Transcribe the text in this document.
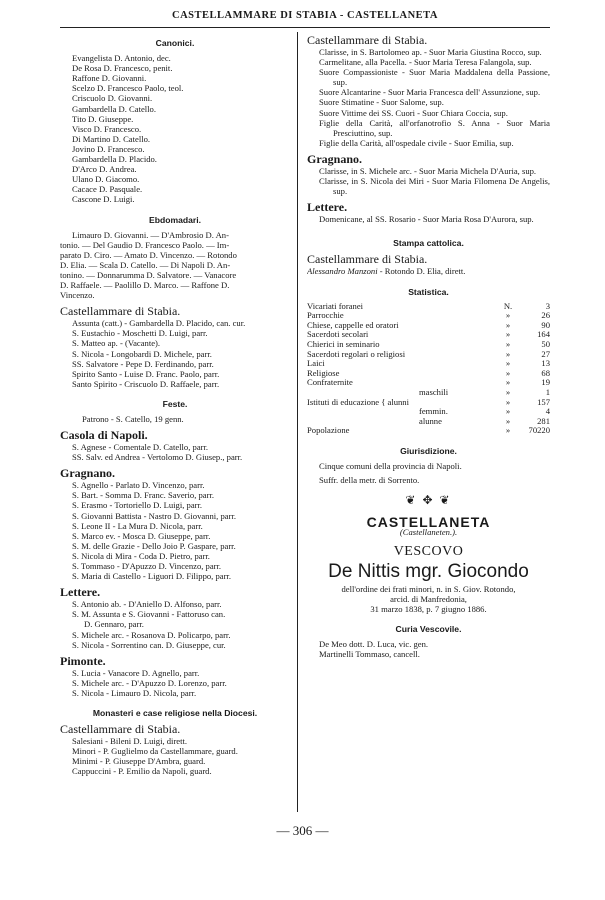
CASTELLAMMARE DI STABIA - CASTELLANETA
Canonici.
Evangelista D. Antonio, dec.
De Rosa D. Francesco, penit.
Raffone D. Giovanni.
Scelzo D. Francesco Paolo, teol.
Criscuolo D. Giovanni.
Gambardella D. Catello.
Tito D. Giuseppe.
Visco D. Francesco.
Di Martino D. Catello.
Jovino D. Francesco.
Gambardella D. Placido.
D'Arco D. Andrea.
Ulano D. Giacomo.
Cacace D. Pasquale.
Cascone D. Luigi.
Ebdomadari.
Limauro D. Giovanni. — D'Ambrosio D. An-
tonio. — Del Gaudio D. Francesco Paolo. — Im-
parato D. Ciro. — Amato D. Vincenzo. — Rotondo
D. Elia. — Scala D. Catello. — Di Napoli D. An-
tonino. — Donnarumma D. Salvatore. — Vanacore
D. Raffaele. — Paolillo D. Marco. — Raffone D.
Vincenzo.
Castellammare di Stabia.
Assunta (catt.) - Gambardella D. Placido, can. cur.
S. Eustachio - Moschetti D. Luigi, parr.
S. Matteo ap. - (Vacante).
S. Nicola - Longobardi D. Michele, parr.
SS. Salvatore - Pepe D. Ferdinando, parr.
Spirito Santo - Luise D. Franc. Paolo, parr.
Santo Spirito - Criscuolo D. Raffaele, parr.
Feste.
Patrono - S. Catello, 19 genn.
Casola di Napoli.
S. Agnese - Comentale D. Catello, parr.
SS. Salv. ed Andrea - Vertolomo D. Giusep., parr.
Gragnano.
S. Agnello - Parlato D. Vincenzo, parr.
S. Bart. - Somma D. Franc. Saverio, parr.
S. Erasmo - Tortoriello D. Luigi, parr.
S. Giovanni Battista - Nastro D. Giovanni, parr.
S. Leone II - La Mura D. Nicola, parr.
S. Marco ev. - Mosca D. Giuseppe, parr.
S. M. delle Grazie - Dello Joio P. Gaspare, parr.
S. Nicola di Mira - Coda D. Pietro, parr.
S. Tommaso - D'Apuzzo D. Vincenzo, parr.
S. Maria di Castello - Liguori D. Filippo, parr.
Lettere.
S. Antonio ab. - D'Aniello D. Alfonso, parr.
S. M. Assunta e S. Giovanni - Fattoruso can.
D. Gennaro, parr.
S. Michele arc. - Rosanova D. Policarpo, parr.
S. Nicola - Sorrentino can. D. Giuseppe, cur.
Pimonte.
S. Lucia - Vanacore D. Agnello, parr.
S. Michele arc. - D'Apuzzo D. Lorenzo, parr.
S. Nicola - Limauro D. Nicola, parr.
Monasteri e case religiose nella Diocesi.
Castellammare di Stabia.
Salesiani - Bileni D. Luigi, dirett.
Minori - P. Guglielmo da Castellammare, guard.
Minimi - P. Giuseppe D'Ambra, guard.
Cappuccini - P. Emilio da Napoli, guard.
Castellammare di Stabia.
Clarisse, in S. Bartolomeo ap. - Suor Maria Giustina Rocco, sup.
Carmelitane, alla Pacella. - Suor Maria Teresa Falangola, sup.
Suore Compassioniste - Suor Maria Maddalena della Passione, sup.
Suore Alcantarine - Suor Maria Francesca dell' Assunzione, sup.
Suore Stimatine - Suor Salome, sup.
Suore Vittime dei SS. Cuori - Suor Chiara Coccia, sup.
Figlie della Carità, all'orfanotrofio S. Anna - Suor Maria Presciuttino, sup.
Figlie della Carità, all'ospedale civile - Suor Emilia, sup.
Gragnano.
Clarisse, in S. Michele arc. - Suor Maria Michela D'Auria, sup.
Clarisse, in S. Nicola dei Miri - Suor Maria Filomena De Angelis, sup.
Lettere.
Domenicane, al SS. Rosario - Suor Maria Rosa D'Aurora, sup.
Stampa cattolica.
Castellammare di Stabia.
Alessandro Manzoni - Rotondo D. Elia, dirett.
Statistica.
Vicariati foranei	N.	3
Parrocchie	»	26
Chiese, cappelle ed oratori	»	90
Sacerdoti secolari	»	164
Chierici in seminario	»	50
Sacerdoti regolari o religiosi	»	27
Laici	»	13
Religiose	»	68
Confraternite	»	19
maschili	»	1
Istituti di educazione { alunni	»	157
femmin.	»	4
alunne	»	281
Popolazione	»	70220
Giurisdizione.
Cinque comuni della provincia di Napoli.
Suffr. della metr. di Sorrento.
❦ ✥ ❦
CASTELLANETA
(Castellaneten.).
VESCOVO
De Nittis mgr. Giocondo
dell'ordine dei frati minori, n. in S. Giov. Rotondo,
arcid. di Manfredonia,
31 marzo 1838, p. 7 giugno 1886.
Curia Vescovile.
De Meo dott. D. Luca, vic. gen.
Martinelli Tommaso, cancell.
— 306 —
